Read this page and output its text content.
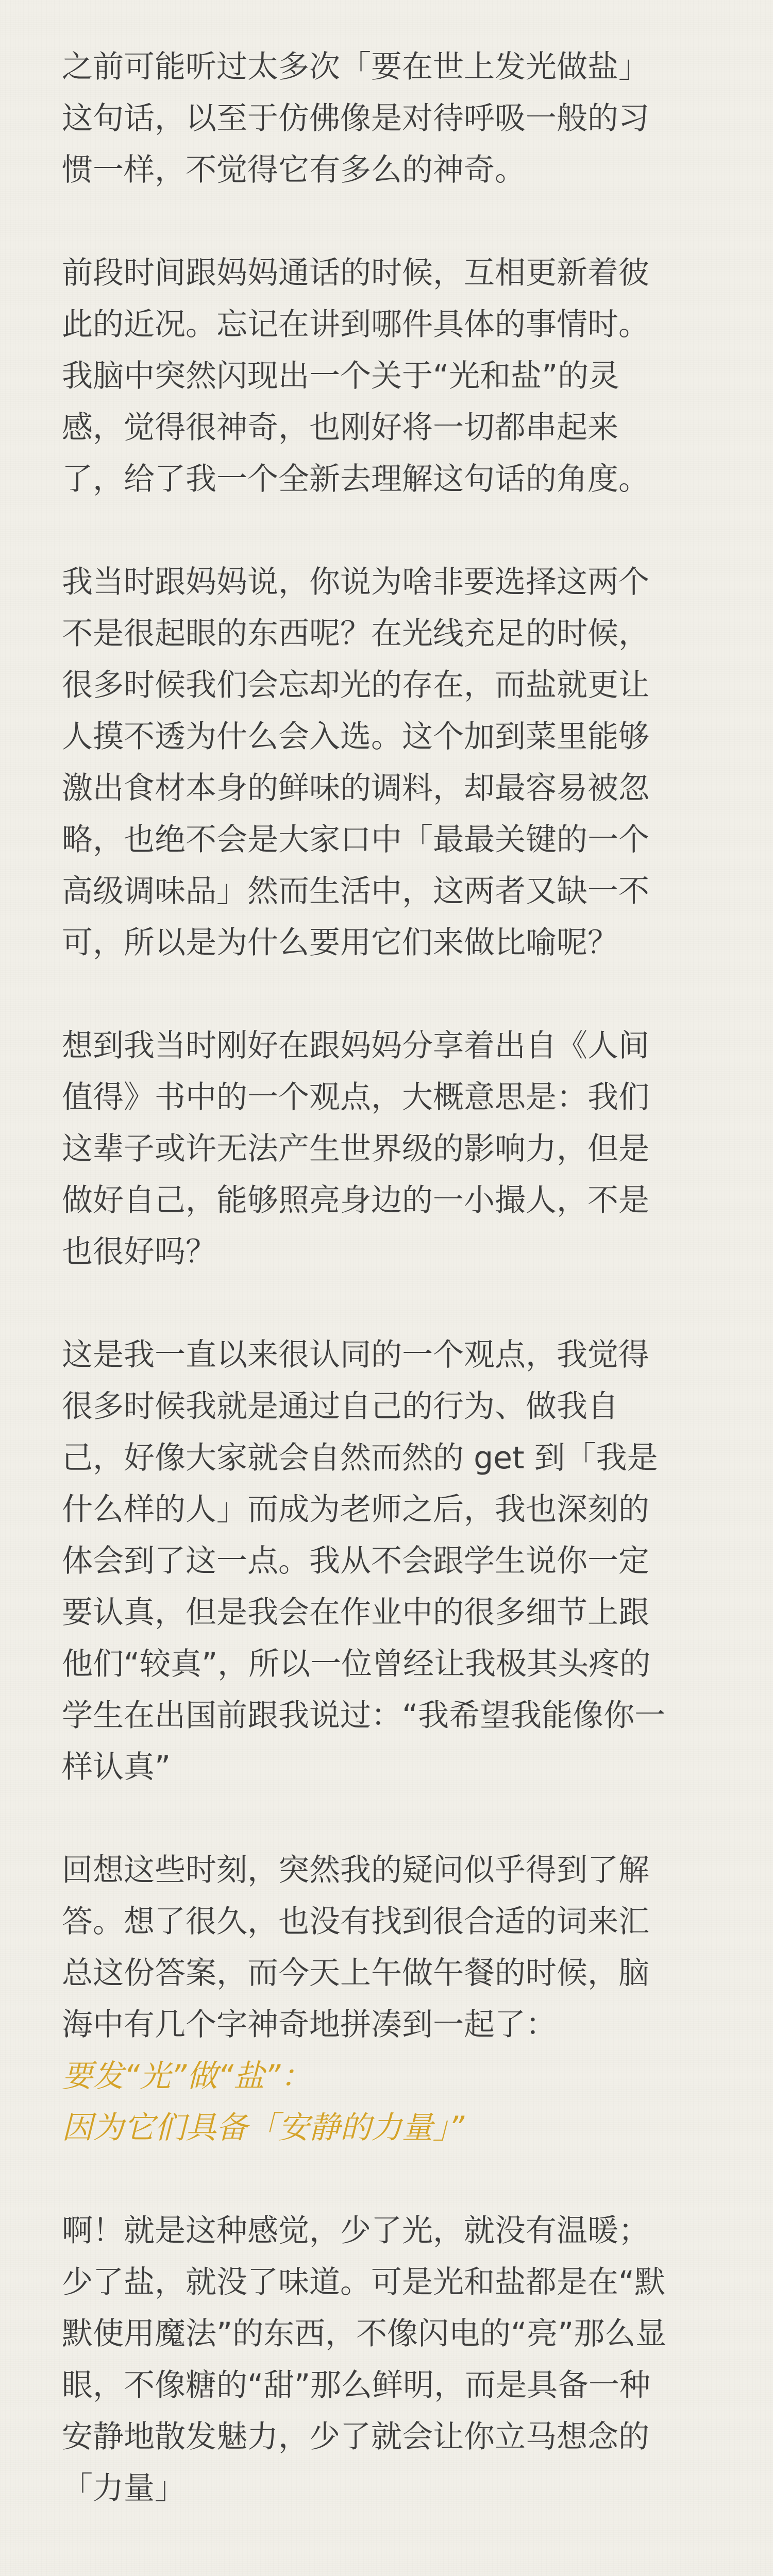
之前可能听过太多次「要在世上发光做盐」
这句话，以至于仿佛像是对待呼吸一般的习
惯一样，不觉得它有多么的神奇。
前段时间跟妈妈通话的时候，互相更新着彼
此的近况。忘记在讲到哪件具体的事情时。
我脑中突然闪现出一个关于“光和盐”的灵
感，觉得很神奇，也刚好将一切都串起来
了，给了我一个全新去理解这句话的角度。
我当时跟妈妈说，你说为啥非要选择这两个
不是很起眼的东西呢？在光线充足的时候，
很多时候我们会忘却光的存在，而盐就更让
人摸不透为什么会入选。这个加到菜里能够
激出食材本身的鲜味的调料，却最容易被忽
略，也绝不会是大家口中「最最关键的一个
高级调味品」然而生活中，这两者又缺一不
可，所以是为什么要用它们来做比喻呢？
想到我当时刚好在跟妈妈分享着出自《人间
值得》书中的一个观点，大概意思是：我们
这辈子或许无法产生世界级的影响力，但是
做好自己，能够照亮身边的一小撮人，不是
也很好吗？
这是我一直以来很认同的一个观点，我觉得
很多时候我就是通过自己的行为、做我自
己，好像大家就会自然而然的 get 到「我是
什么样的人」而成为老师之后，我也深刻的
体会到了这一点。我从不会跟学生说你一定
要认真，但是我会在作业中的很多细节上跟
他们“较真”，所以一位曾经让我极其头疼的
学生在出国前跟我说过：“我希望我能像你一
样认真”
回想这些时刻，突然我的疑问似乎得到了解
答。想了很久，也没有找到很合适的词来汇
总这份答案，而今天上午做午餐的时候，脑
海中有几个字神奇地拼凑到一起了：
要发“光”做“盐”：
因为它们具备「安静的力量」”
啊！就是这种感觉，少了光，就没有温暖；
少了盐，就没了味道。可是光和盐都是在“默
默使用魔法”的东西，不像闪电的“亮”那么显
眼，不像糖的“甜”那么鲜明，而是具备一种
安静地散发魅力，少了就会让你立马想念的
「力量」
